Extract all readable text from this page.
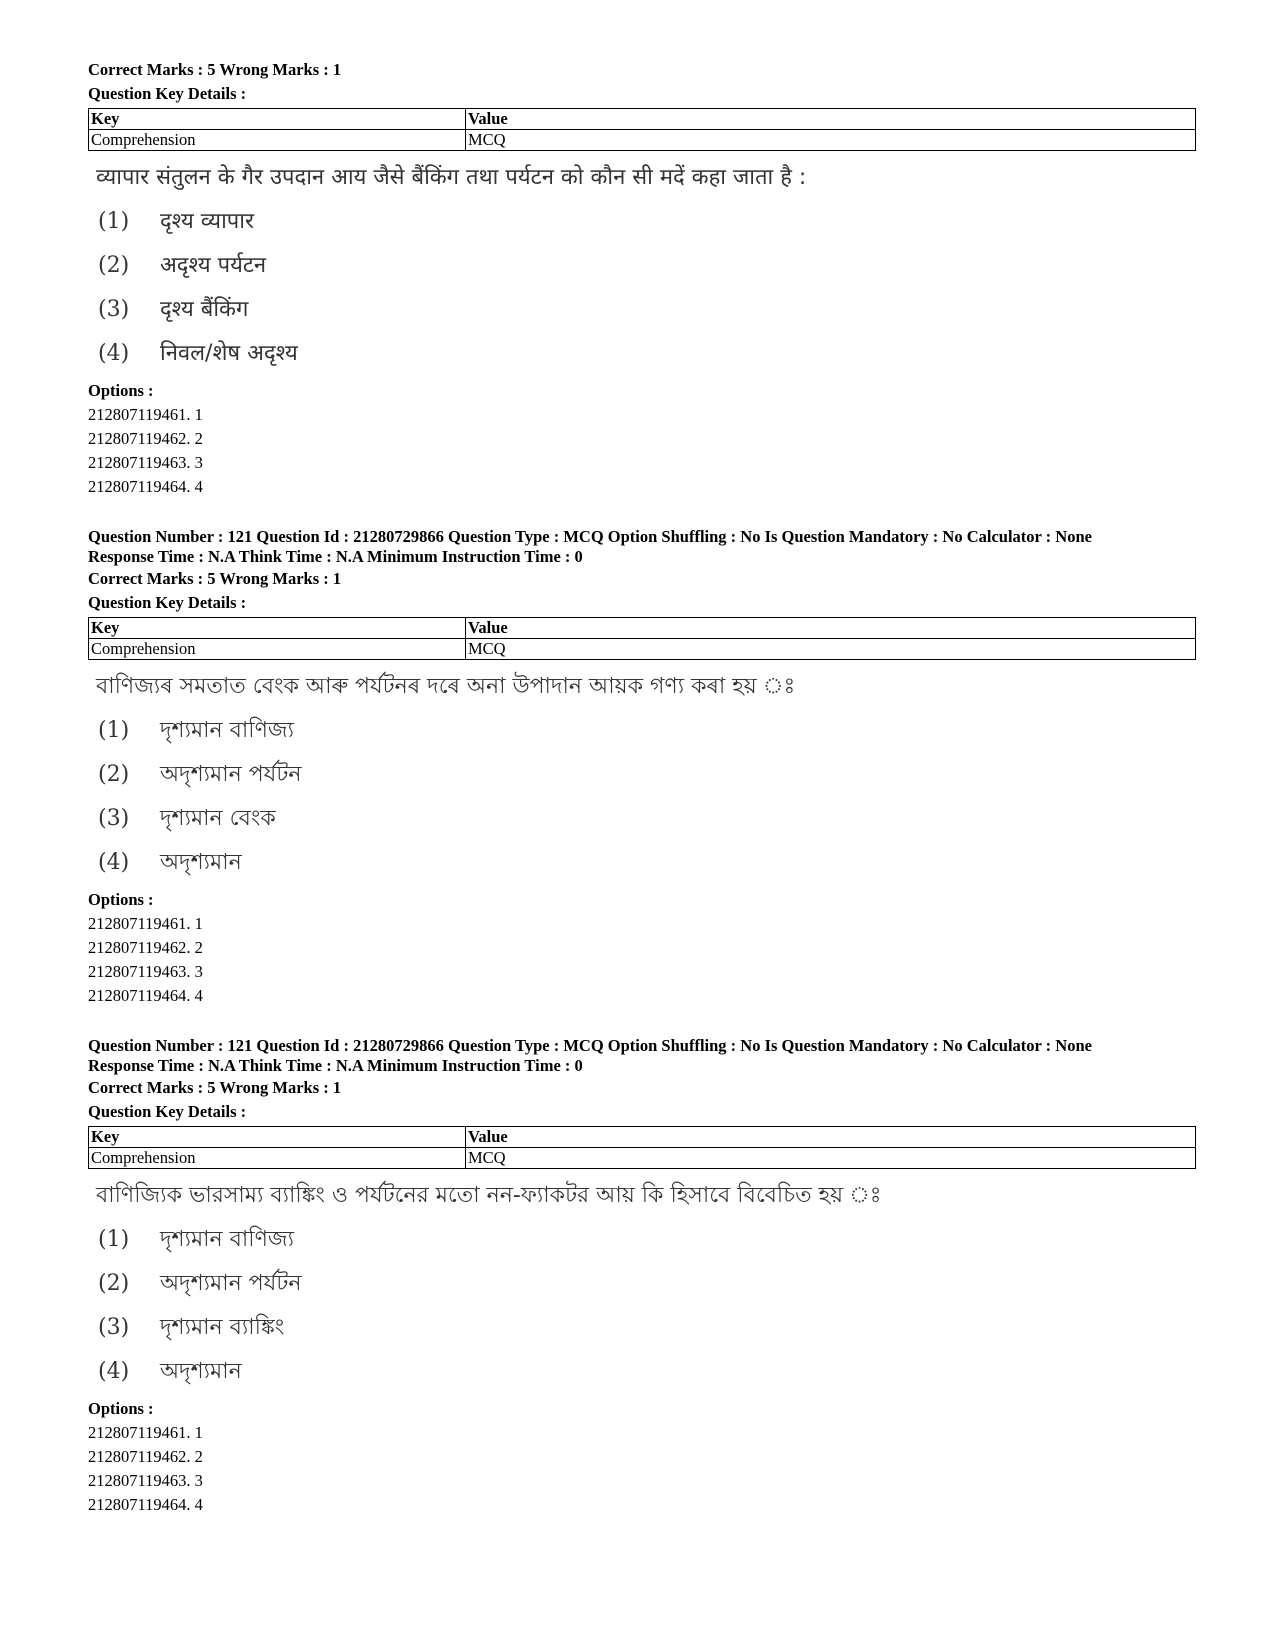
Correct Marks : 5 Wrong Marks : 1
Question Key Details :
Key	Value
Comprehension	MCQ
व्यापार संतुलन के गैर उपदान आय जैसे बैंकिंग तथा पर्यटन को कौन सी मदें कहा जाता है :
(1)	दृश्य व्यापार
(2)	अदृश्य पर्यटन
(3)	दृश्य बैंकिंग
(4)	निवल/शेष अदृश्य
Options :
212807119461. 1
212807119462. 2
212807119463. 3
212807119464. 4
Question Number : 121 Question Id : 21280729866 Question Type : MCQ Option Shuffling : No Is Question Mandatory : No Calculator : None
Response Time : N.A Think Time : N.A Minimum Instruction Time : 0
Correct Marks : 5 Wrong Marks : 1
Question Key Details :
Key	Value
Comprehension	MCQ
বাণিজ্যৰ সমতাত বেংক আৰু পৰ্যটনৰ দৰে অনা উপাদান আয়ক গণ্য কৰা হয় ঃ
(1)	দৃশ্যমান বাণিজ্য
(2)	অদৃশ্যমান পৰ্যটন
(3)	দৃশ্যমান বেংক
(4)	অদৃশ্যমান
Options :
212807119461. 1
212807119462. 2
212807119463. 3
212807119464. 4
Question Number : 121 Question Id : 21280729866 Question Type : MCQ Option Shuffling : No Is Question Mandatory : No Calculator : None
Response Time : N.A Think Time : N.A Minimum Instruction Time : 0
Correct Marks : 5 Wrong Marks : 1
Question Key Details :
Key	Value
Comprehension	MCQ
বাণিজ্যিক ভারসাম্য ব্যাঙ্কিং ও পর্যটনের মতো নন-ফ্যাকটর আয় কি হিসাবে বিবেচিত হয় ঃ
(1)	দৃশ্যমান বাণিজ্য
(2)	অদৃশ্যমান পর্যটন
(3)	দৃশ্যমান ব্যাঙ্কিং
(4)	অদৃশ্যমান
Options :
212807119461. 1
212807119462. 2
212807119463. 3
212807119464. 4
